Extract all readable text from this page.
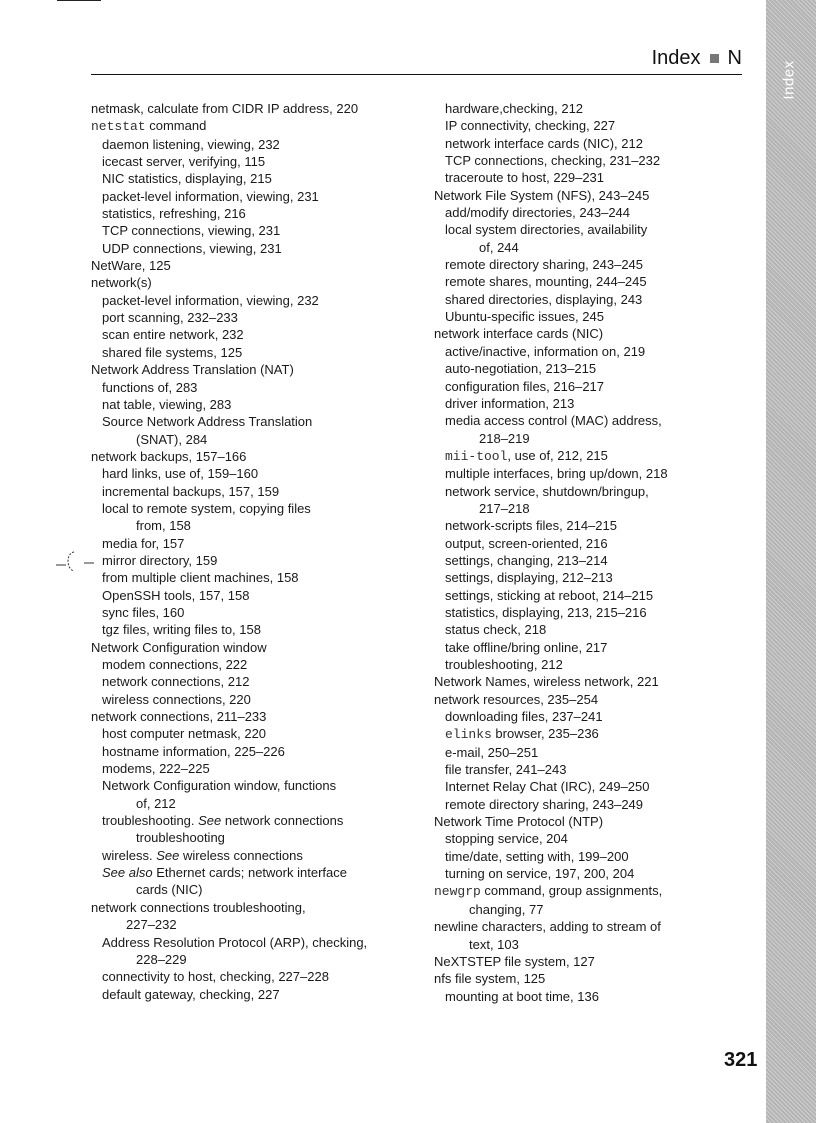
Index
Index N
netmask, calculate from CIDR IP address, 220
netstat command
daemon listening, viewing, 232
icecast server, verifying, 115
NIC statistics, displaying, 215
packet-level information, viewing, 231
statistics, refreshing, 216
TCP connections, viewing, 231
UDP connections, viewing, 231
NetWare, 125
network(s)
packet-level information, viewing, 232
port scanning, 232–233
scan entire network, 232
shared file systems, 125
Network Address Translation (NAT)
functions of, 283
nat table, viewing, 283
Source Network Address Translation
(SNAT), 284
network backups, 157–166
hard links, use of, 159–160
incremental backups, 157, 159
local to remote system, copying files
from, 158
media for, 157
mirror directory, 159
from multiple client machines, 158
OpenSSH tools, 157, 158
sync files, 160
tgz files, writing files to, 158
Network Configuration window
modem connections, 222
network connections, 212
wireless connections, 220
network connections, 211–233
host computer netmask, 220
hostname information, 225–226
modems, 222–225
Network Configuration window, functions
of, 212
troubleshooting. See network connections
troubleshooting
wireless. See wireless connections
See also Ethernet cards; network interface
cards (NIC)
network connections troubleshooting,
227–232
Address Resolution Protocol (ARP), checking,
228–229
connectivity to host, checking, 227–228
default gateway, checking, 227
hardware,checking, 212
IP connectivity, checking, 227
network interface cards (NIC), 212
TCP connections, checking, 231–232
traceroute to host, 229–231
Network File System (NFS), 243–245
add/modify directories, 243–244
local system directories, availability
of, 244
remote directory sharing, 243–245
remote shares, mounting, 244–245
shared directories, displaying, 243
Ubuntu-specific issues, 245
network interface cards (NIC)
active/inactive, information on, 219
auto-negotiation, 213–215
configuration files, 216–217
driver information, 213
media access control (MAC) address,
218–219
mii-tool, use of, 212, 215
multiple interfaces, bring up/down, 218
network service, shutdown/bringup,
217–218
network-scripts files, 214–215
output, screen-oriented, 216
settings, changing, 213–214
settings, displaying, 212–213
settings, sticking at reboot, 214–215
statistics, displaying, 213, 215–216
status check, 218
take offline/bring online, 217
troubleshooting, 212
Network Names, wireless network, 221
network resources, 235–254
downloading files, 237–241
elinks browser, 235–236
e-mail, 250–251
file transfer, 241–243
Internet Relay Chat (IRC), 249–250
remote directory sharing, 243–249
Network Time Protocol (NTP)
stopping service, 204
time/date, setting with, 199–200
turning on service, 197, 200, 204
newgrp command, group assignments,
changing, 77
newline characters, adding to stream of
text, 103
NeXTSTEP file system, 127
nfs file system, 125
mounting at boot time, 136
321
